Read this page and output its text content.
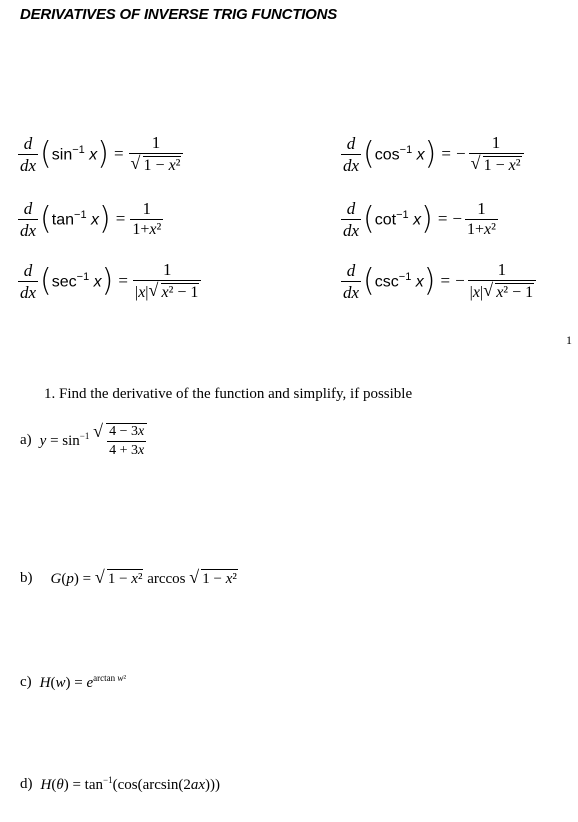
DERIVATIVES OF INVERSE TRIG FUNCTIONS
$\frac{d}{dx}$ ( $\sin^{-1} x$ ) = 1
√ 1 − x²
$\frac{d}{dx}$ ( $\tan^{-1} x$ ) = $\frac{1}{\text{1+x²}}$
$\frac{d}{dx}$ ( $\sec^{-1} x$ ) = $\frac{1}{\text{|x| √ x² − 1}}$
$\frac{d}{dx}$ ( $\cos^{-1} x$ ) = − 1
√ 1 − x²
$\frac{d}{dx}$ ( $\cot^{-1} x$ ) = − $\frac{1}{\text{1+x²}}$
$\frac{d}{dx}$ ( $\csc^{-1} x$ ) = − $\frac{1}{\text{|x| √ x² − 1}}$
1
1. Find the derivative of the function and simplify, if possible
a) $y = \sin^{-1}$ √ $\frac{4 - 3x}{4 + 3x}$
b) G(p) = √ 1 − x² arccos √ 1 − x²
c) $H(w) = e^{arctan w^2}$
d) $H(\theta) = \tan^{-1}(\cos(\arcsin(2ax)))$
